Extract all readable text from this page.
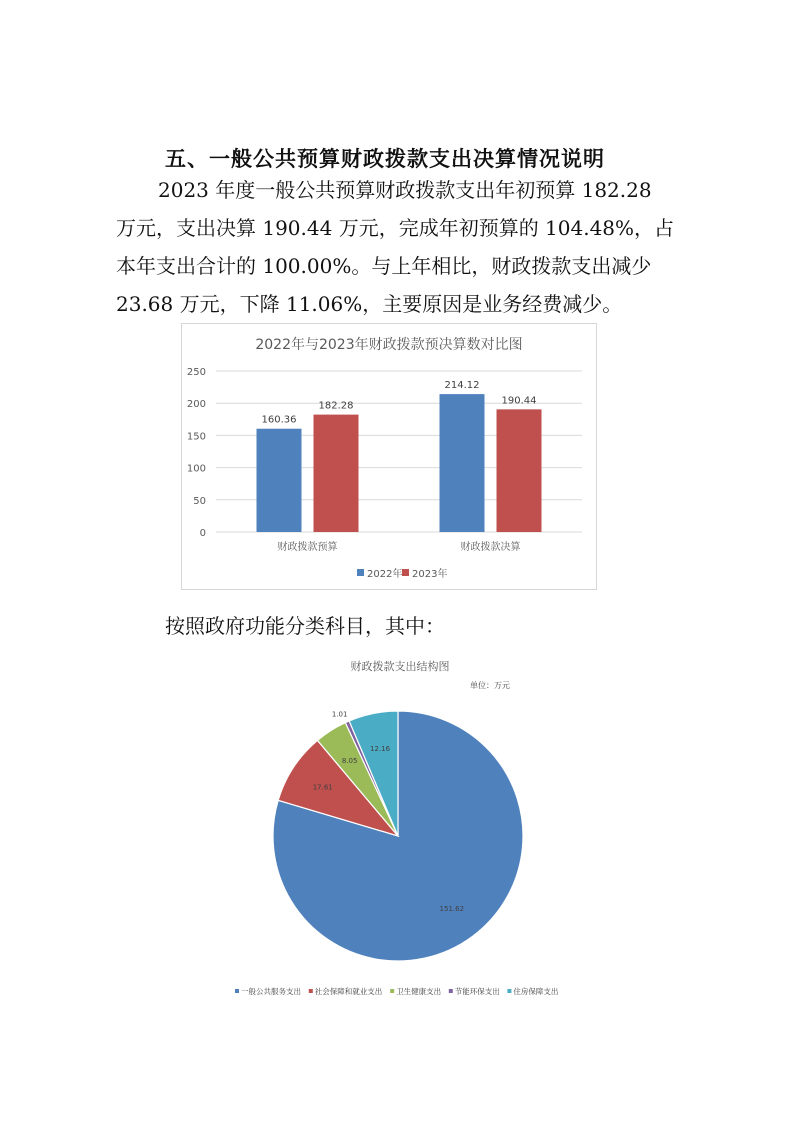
五、一般公共预算财政拨款支出决算情况说明
2023 年度一般公共预算财政拨款支出年初预算 182.28
万元，支出决算 190.44 万元，完成年初预算的 104.48%，占
本年支出合计的 100.00%。与上年相比，财政拨款支出减少
23.68 万元，下降 11.06%，主要原因是业务经费减少。
2022年与2023年财政拨款预决算数对比图
0
50
100
150
200
250
160.36
182.28
财政拨款预算
214.12
190.44
财政拨款决算
2022年 2023年
按照政府功能分类科目，其中：
财政拨款支出结构图
单位：万元
151.62
17.61
8.05
1.01
12.16
一般公共服务支出 社会保障和就业支出 卫生健康支出 节能环保支出 住房保障支出
